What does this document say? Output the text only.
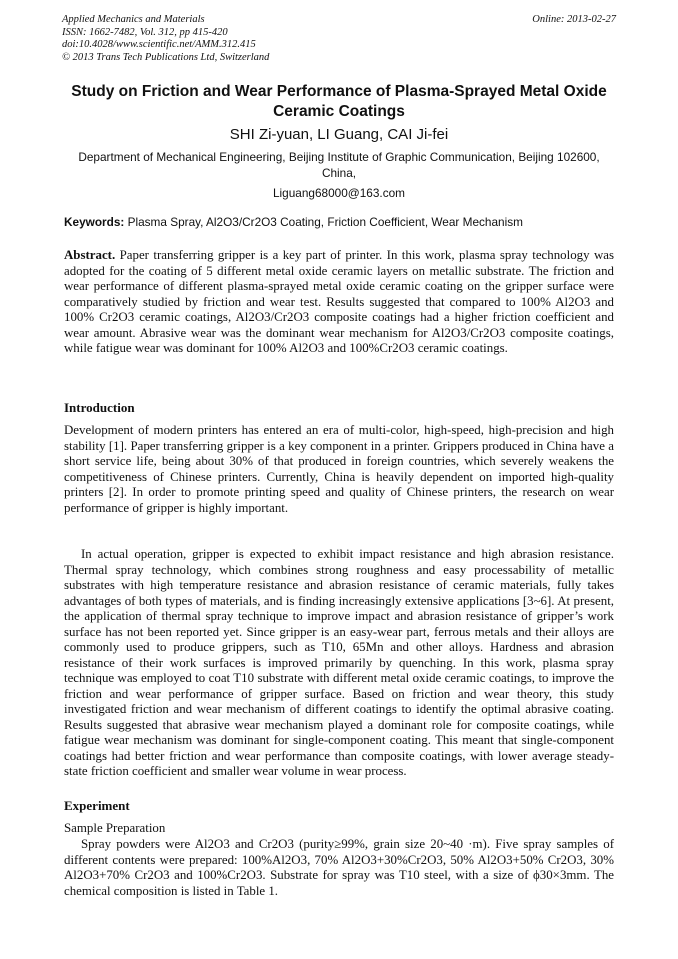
Applied Mechanics and Materials
ISSN: 1662-7482, Vol. 312, pp 415-420
doi:10.4028/www.scientific.net/AMM.312.415
© 2013 Trans Tech Publications Ltd, Switzerland
Online: 2013-02-27
Study on Friction and Wear Performance of Plasma-Sprayed Metal Oxide Ceramic Coatings
SHI Zi-yuan, LI Guang, CAI Ji-fei
Department of Mechanical Engineering, Beijing Institute of Graphic Communication, Beijing 102600, China,
Liguang68000@163.com
Keywords: Plasma Spray, Al2O3/Cr2O3 Coating, Friction Coefficient, Wear Mechanism

Abstract. Paper transferring gripper is a key part of printer. In this work, plasma spray technology was adopted for the coating of 5 different metal oxide ceramic layers on metallic substrate. The friction and wear performance of different plasma-sprayed metal oxide ceramic coating on the gripper surface were comparatively studied by friction and wear test. Results suggested that compared to 100% Al2O3 and 100% Cr2O3 ceramic coatings, Al2O3/Cr2O3 composite coatings had a higher friction coefficient and wear amount. Abrasive wear was the dominant wear mechanism for Al2O3/Cr2O3 composite coatings, while fatigue wear was dominant for 100% Al2O3 and 100%Cr2O3 ceramic coatings.

Introduction

Development of modern printers has entered an era of multi-color, high-speed, high-precision and high stability [1]. Paper transferring gripper is a key component in a printer. Grippers produced in China have a short service life, being about 30% of that produced in foreign countries, which severely weakens the competitiveness of Chinese printers. Currently, China is heavily dependent on imported high-quality printers [2]. In order to promote printing speed and quality of Chinese printers, the research on wear performance of gripper is highly important.

In actual operation, gripper is expected to exhibit impact resistance and high abrasion resistance. Thermal spray technology, which combines strong roughness and easy processability of metallic substrates with high temperature resistance and abrasion resistance of ceramic materials, fully takes advantages of both types of materials, and is finding increasingly extensive applications [3~6]. At present, the application of thermal spray technique to improve impact and abrasion resistance of gripper’s work surface has not been reported yet. Since gripper is an easy-wear part, ferrous metals and their alloys are commonly used to produce grippers, such as T10, 65Mn and other alloys. Hardness and abrasion resistance of their work surfaces is improved primarily by quenching. In this work, plasma spray technique was employed to coat T10 substrate with different metal oxide ceramic coatings, to improve the friction and wear performance of gripper surface. Based on friction and wear theory, this study investigated friction and wear mechanism of different coatings to identify the optimal abrasive coating. Results suggested that abrasive wear mechanism played a dominant role for composite coatings, while fatigue wear mechanism was dominant for single-component coating. This meant that single-component coatings had better friction and wear performance than composite coatings, with lower average steady-state friction coefficient and smaller wear volume in wear process.

Experiment

Sample Preparation

Spray powders were Al2O3 and Cr2O3 (purity≥99%, grain size 20~40 ·m). Five spray samples of different contents were prepared: 100%Al2O3, 70% Al2O3+30%Cr2O3, 50% Al2O3+50% Cr2O3, 30% Al2O3+70% Cr2O3 and 100%Cr2O3. Substrate for spray was T10 steel, with a size of ϕ30×3mm. The chemical composition is listed in Table 1.
